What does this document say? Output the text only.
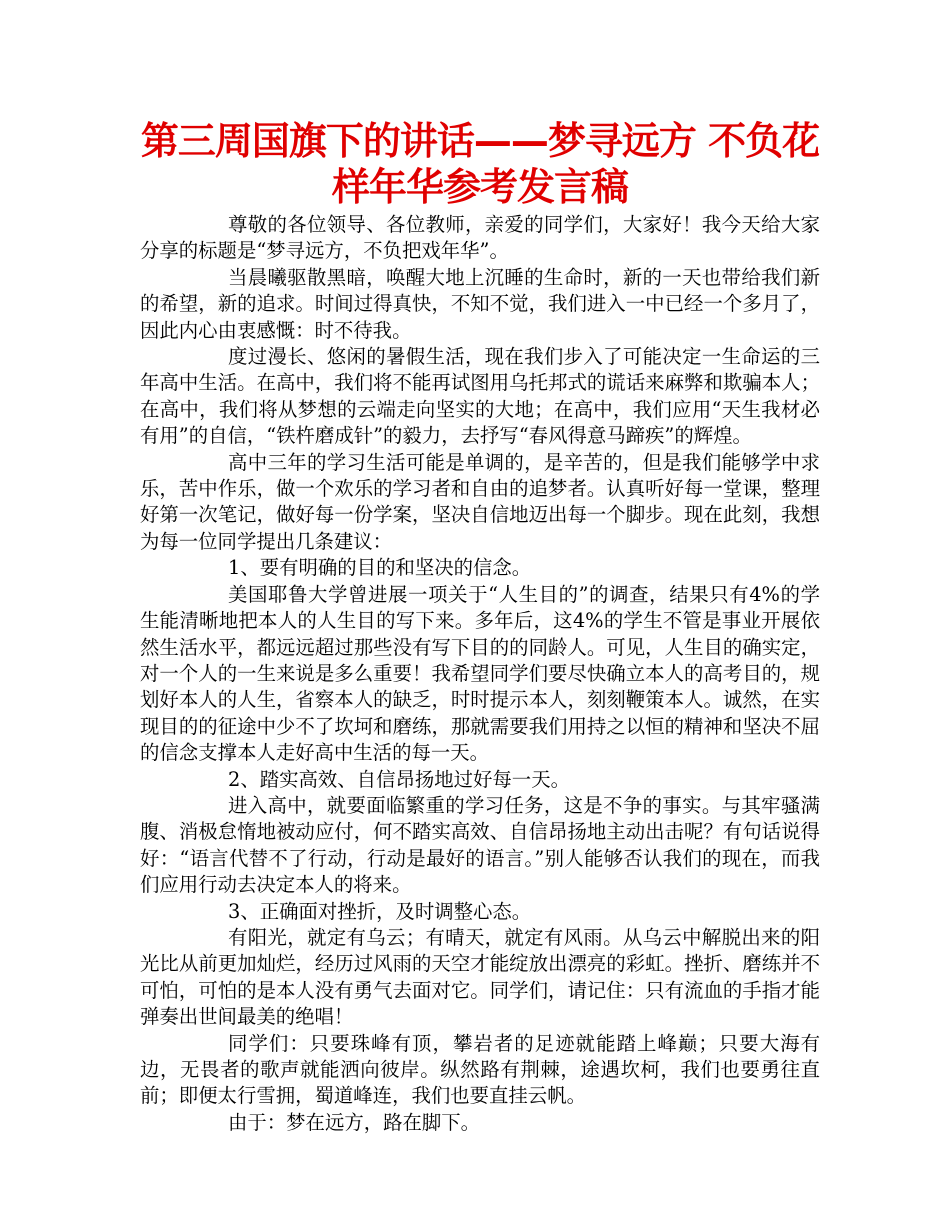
第三周国旗下的讲话——梦寻远方 不负花
样年华参考发言稿

尊敬的各位领导、各位教师，亲爱的同学们，大家好！我今天给大家分享的标题是“梦寻远方，不负把戏年华”。

当晨曦驱散黑暗，唤醒大地上沉睡的生命时，新的一天也带给我们新的希望，新的追求。时间过得真快，不知不觉，我们进入一中已经一个多月了，因此内心由衷感慨：时不待我。

度过漫长、悠闲的暑假生活，现在我们步入了可能决定一生命运的三年高中生活。在高中，我们将不能再试图用乌托邦式的谎话来麻弊和欺骗本人；在高中，我们将从梦想的云端走向坚实的大地；在高中，我们应用“天生我材必有用”的自信，“铁杵磨成针”的毅力，去抒写“春风得意马蹄疾”的辉煌。

高中三年的学习生活可能是单调的，是辛苦的，但是我们能够学中求乐，苦中作乐，做一个欢乐的学习者和自由的追梦者。认真听好每一堂课，整理好第一次笔记，做好每一份学案，坚决自信地迈出每一个脚步。现在此刻，我想为每一位同学提出几条建议：

1、要有明确的目的和坚决的信念。

美国耶鲁大学曾进展一项关于“人生目的”的调查，结果只有4%的学生能清晰地把本人的人生目的写下来。多年后，这4%的学生不管是事业开展依然生活水平，都远远超过那些没有写下目的的同龄人。可见，人生目的确实定，对一个人的一生来说是多么重要！我希望同学们要尽快确立本人的高考目的，规划好本人的人生，省察本人的缺乏，时时提示本人，刻刻鞭策本人。诚然，在实现目的的征途中少不了坎坷和磨练，那就需要我们用持之以恒的精神和坚决不屈的信念支撑本人走好高中生活的每一天。

2、踏实高效、自信昂扬地过好每一天。

进入高中，就要面临繁重的学习任务，这是不争的事实。与其牢骚满腹、消极怠惰地被动应付，何不踏实高效、自信昂扬地主动出击呢？有句话说得好：“语言代替不了行动，行动是最好的语言。”别人能够否认我们的现在，而我们应用行动去决定本人的将来。

3、正确面对挫折，及时调整心态。

有阳光，就定有乌云；有晴天，就定有风雨。从乌云中解脱出来的阳光比从前更加灿烂，经历过风雨的天空才能绽放出漂亮的彩虹。挫折、磨练并不可怕，可怕的是本人没有勇气去面对它。同学们，请记住：只有流血的手指才能弹奏出世间最美的绝唱！

同学们：只要珠峰有顶，攀岩者的足迹就能踏上峰巅；只要大海有边，无畏者的歌声就能洒向彼岸。纵然路有荆棘，途遇坎柯，我们也要勇往直前；即便太行雪拥，蜀道峰连，我们也要直挂云帆。

由于：梦在远方，路在脚下。
